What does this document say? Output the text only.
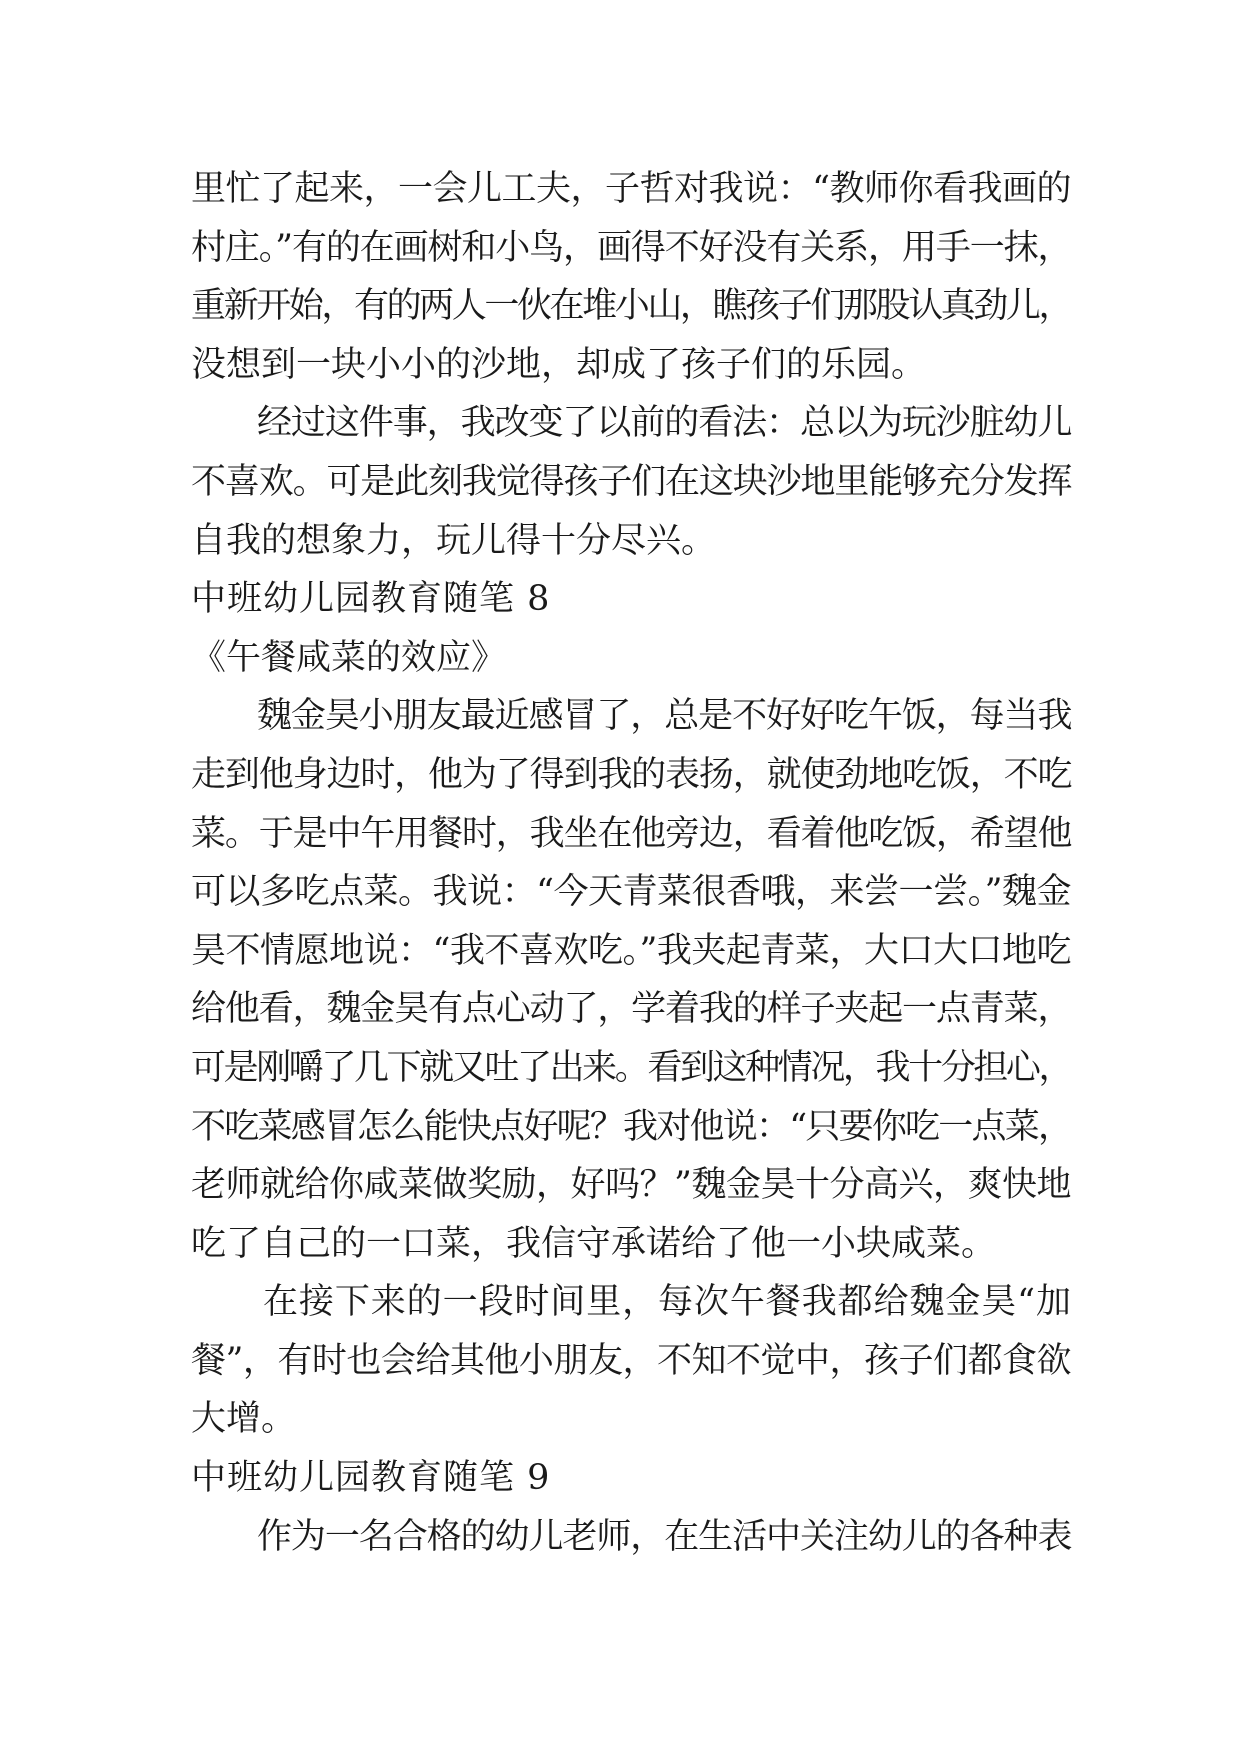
里忙了起来，一会儿工夫，子哲对我说：“教师你看我画的
村庄。”有的在画树和小鸟，画得不好没有关系，用手一抹，
重新开始，有的两人一伙在堆小山，瞧孩子们那股认真劲儿，
没想到一块小小的沙地，却成了孩子们的乐园。
经过这件事，我改变了以前的看法：总以为玩沙脏幼儿
不喜欢。可是此刻我觉得孩子们在这块沙地里能够充分发挥
自我的想象力，玩儿得十分尽兴。
中班幼儿园教育随笔 8
《午餐咸菜的效应》
魏金昊小朋友最近感冒了，总是不好好吃午饭，每当我
走到他身边时，他为了得到我的表扬，就使劲地吃饭，不吃
菜。于是中午用餐时，我坐在他旁边，看着他吃饭，希望他
可以多吃点菜。我说：“今天青菜很香哦，来尝一尝。”魏金
昊不情愿地说：“我不喜欢吃。”我夹起青菜，大口大口地吃
给他看，魏金昊有点心动了，学着我的样子夹起一点青菜，
可是刚嚼了几下就又吐了出来。看到这种情况，我十分担心，
不吃菜感冒怎么能快点好呢？我对他说：“只要你吃一点菜，
老师就给你咸菜做奖励，好吗？”魏金昊十分高兴，爽快地
吃了自己的一口菜，我信守承诺给了他一小块咸菜。
在接下来的一段时间里，每次午餐我都给魏金昊“加
餐”，有时也会给其他小朋友，不知不觉中，孩子们都食欲
大增。
中班幼儿园教育随笔 9
作为一名合格的幼儿老师，在生活中关注幼儿的各种表
